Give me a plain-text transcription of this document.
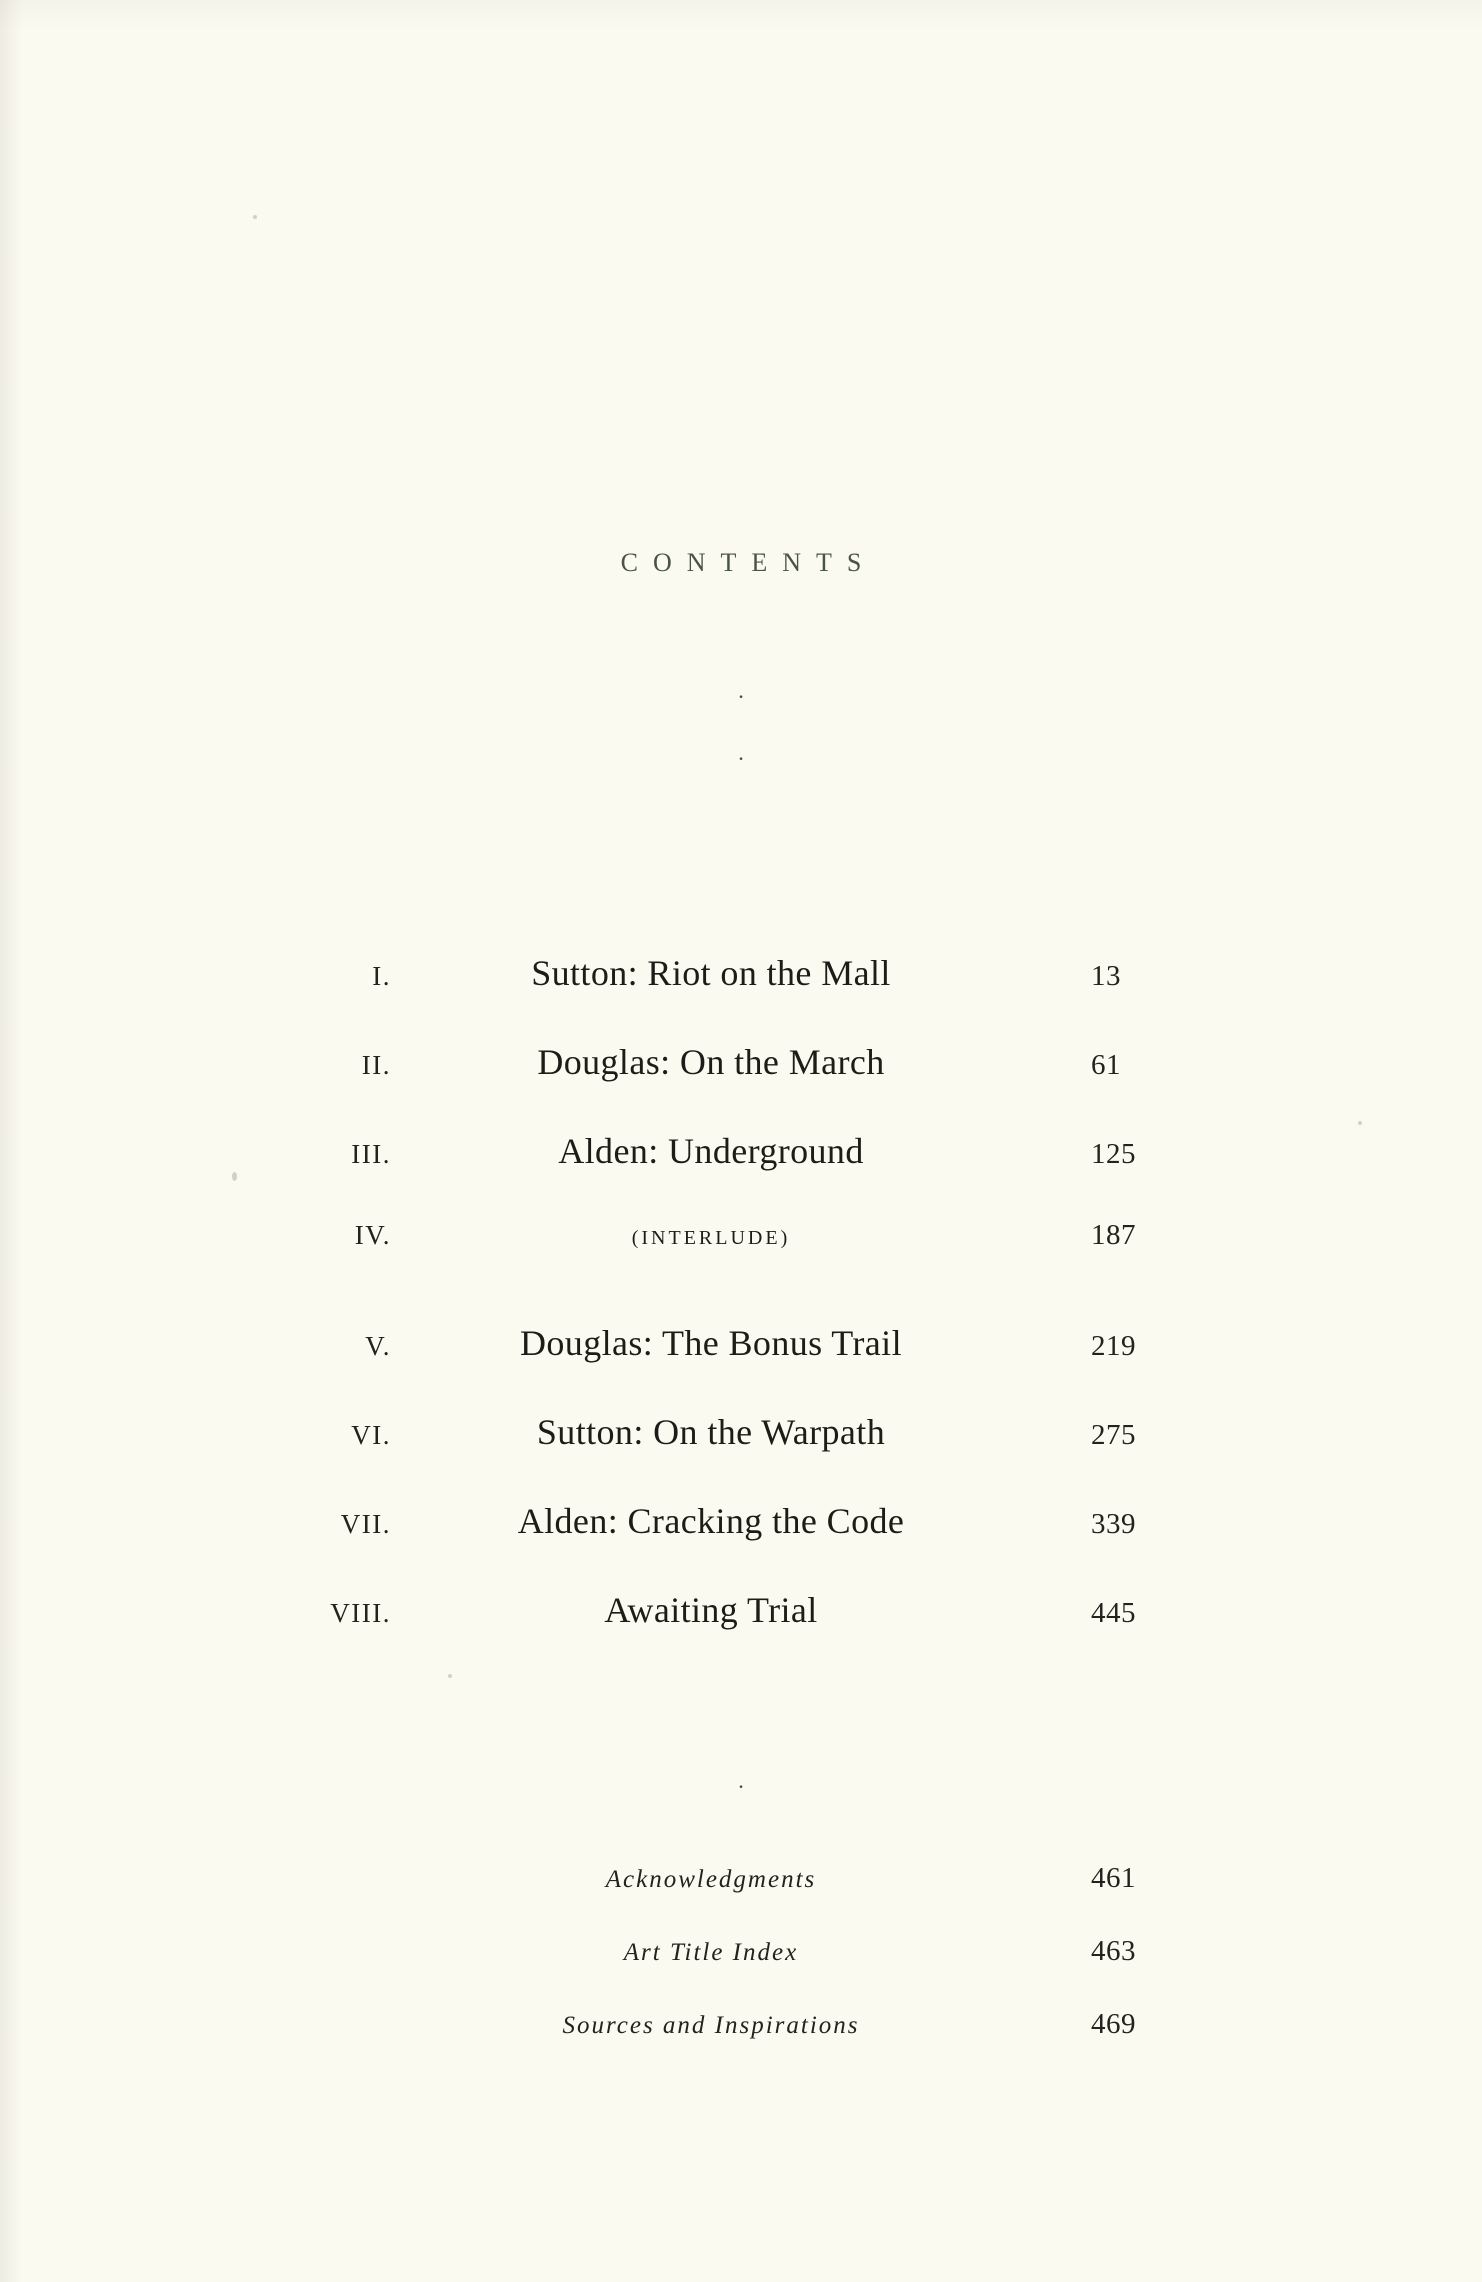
CONTENTS
·
·
I.	Sutton: Riot on the Mall	13
II.	Douglas: On the March	61
III.	Alden: Underground	125
IV.	(INTERLUDE)	187
V.	Douglas: The Bonus Trail	219
VI.	Sutton: On the Warpath	275
VII.	Alden: Cracking the Code	339
VIII.	Awaiting Trial	445
·
Acknowledgments	461
Art Title Index	463
Sources and Inspirations	469
